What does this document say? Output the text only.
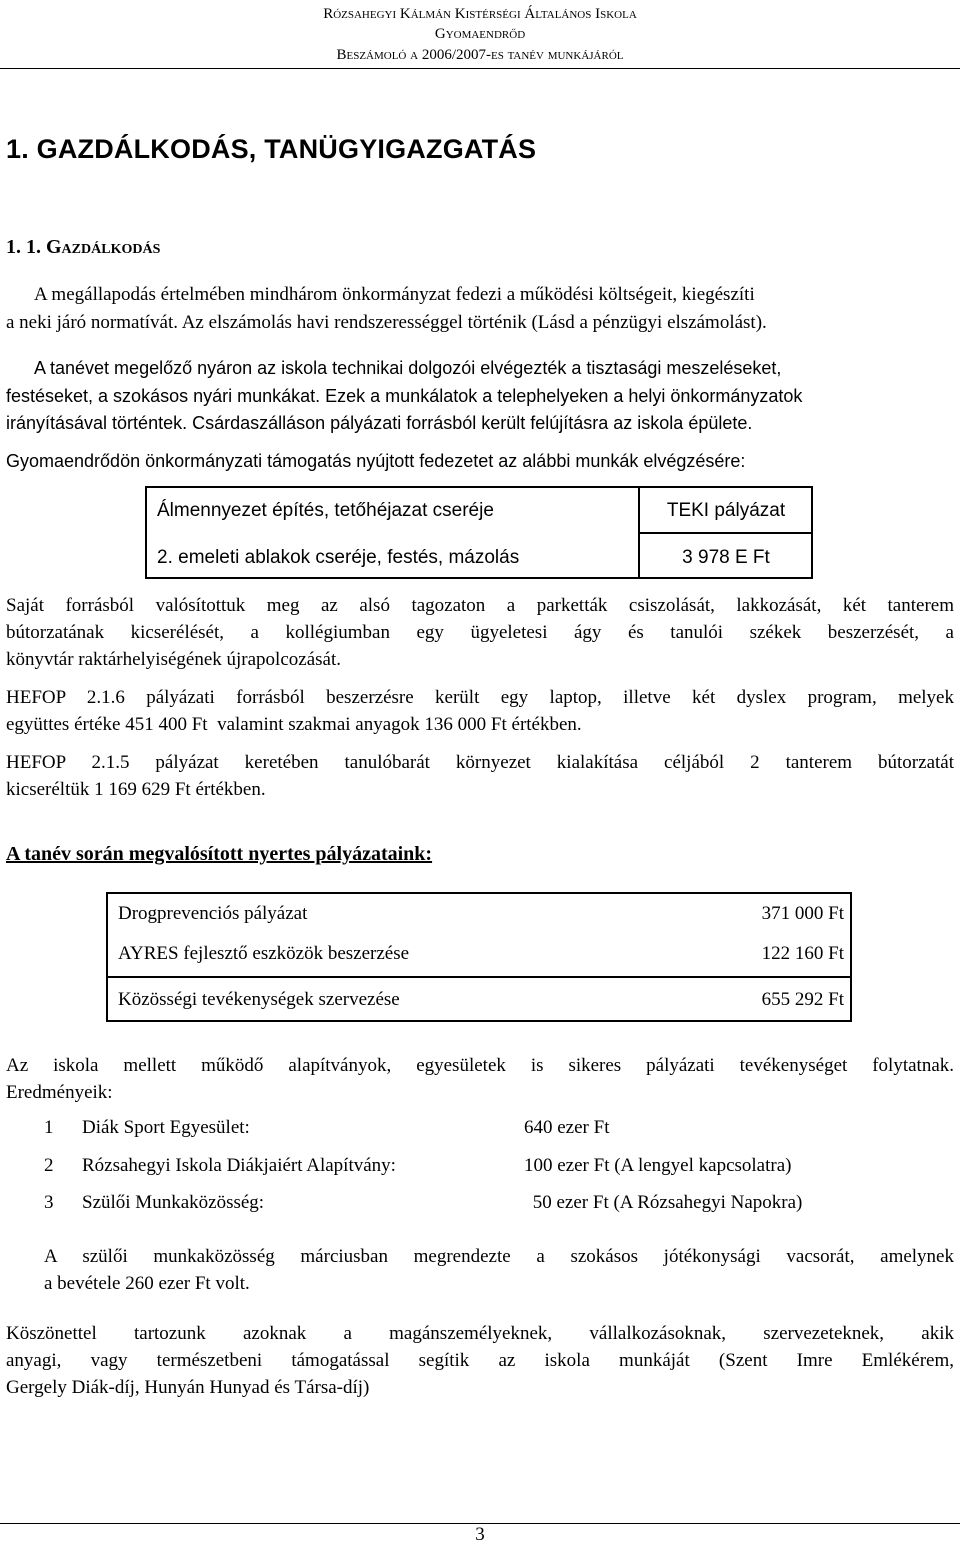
Rózsahegyi Kálmán Kistérségi Általános Iskola
Gyomaendrőd
Beszámoló a 2006/2007-es tanév munkájáról
1. GAZDÁLKODÁS, TANÜGYIGAZGATÁS
1. 1. Gazdálkodás
A megállapodás értelmében mindhárom önkormányzat fedezi a működési költségeit, kiegészíti
a neki járó normatívát. Az elszámolás havi rendszerességgel történik (Lásd a pénzügyi elszámolást).
A tanévet megelőző nyáron az iskola technikai dolgozói elvégezték a tisztasági meszeléseket,
festéseket, a szokásos nyári munkákat. Ezek a munkálatok a telephelyeken a helyi önkormányzatok
irányításával történtek. Csárdaszálláson pályázati forrásból került felújításra az iskola épülete.
Gyomaendrődön önkormányzati támogatás nyújtott fedezetet az alábbi munkák elvégzésére:
Álmennyezet építés, tetőhéjazat cseréje	TEKI pályázat
2. emeleti ablakok cseréje, festés, mázolás	3 978 E Ft
Saját forrásból valósítottuk meg az alsó tagozaton a parketták csiszolását, lakkozását, két tanterem
bútorzatának kicserélését, a kollégiumban egy ügyeletesi ágy és tanulói székek beszerzését, a
könyvtár raktárhelyiségének újrapolcozását.
HEFOP 2.1.6 pályázati forrásból beszerzésre került egy laptop, illetve két dyslex program, melyek
együttes értéke 451 400 Ft  valamint szakmai anyagok 136 000 Ft értékben.
HEFOP 2.1.5 pályázat keretében tanulóbarát környezet kialakítása céljából 2 tanterem bútorzatát
kicseréltük 1 169 629 Ft értékben.
A tanév során megvalósított nyertes pályázataink:
Drogprevenciós pályázat	371 000 Ft
AYRES fejlesztő eszközök beszerzése	122 160 Ft
Közösségi tevékenységek szervezése	655 292 Ft
Az iskola mellett működő alapítványok, egyesületek is sikeres pályázati tevékenységet folytatnak.
Eredményeik:
1 Diák Sport Egyesület:	640 ezer Ft
2 Rózsahegyi Iskola Diákjaiért Alapítvány:	100 ezer Ft (A lengyel kapcsolatra)
3 Szülői Munkaközösség:	50 ezer Ft (A Rózsahegyi Napokra)
A szülői munkaközösség márciusban megrendezte a szokásos jótékonysági vacsorát, amelynek
a bevétele 260 ezer Ft volt.
Köszönettel tartozunk azoknak a magánszemélyeknek, vállalkozásoknak, szervezeteknek, akik
anyagi, vagy természetbeni támogatással segítik az iskola munkáját (Szent Imre Emlékérem,
Gergely Diák-díj, Hunyán Hunyad és Társa-díj)
3
